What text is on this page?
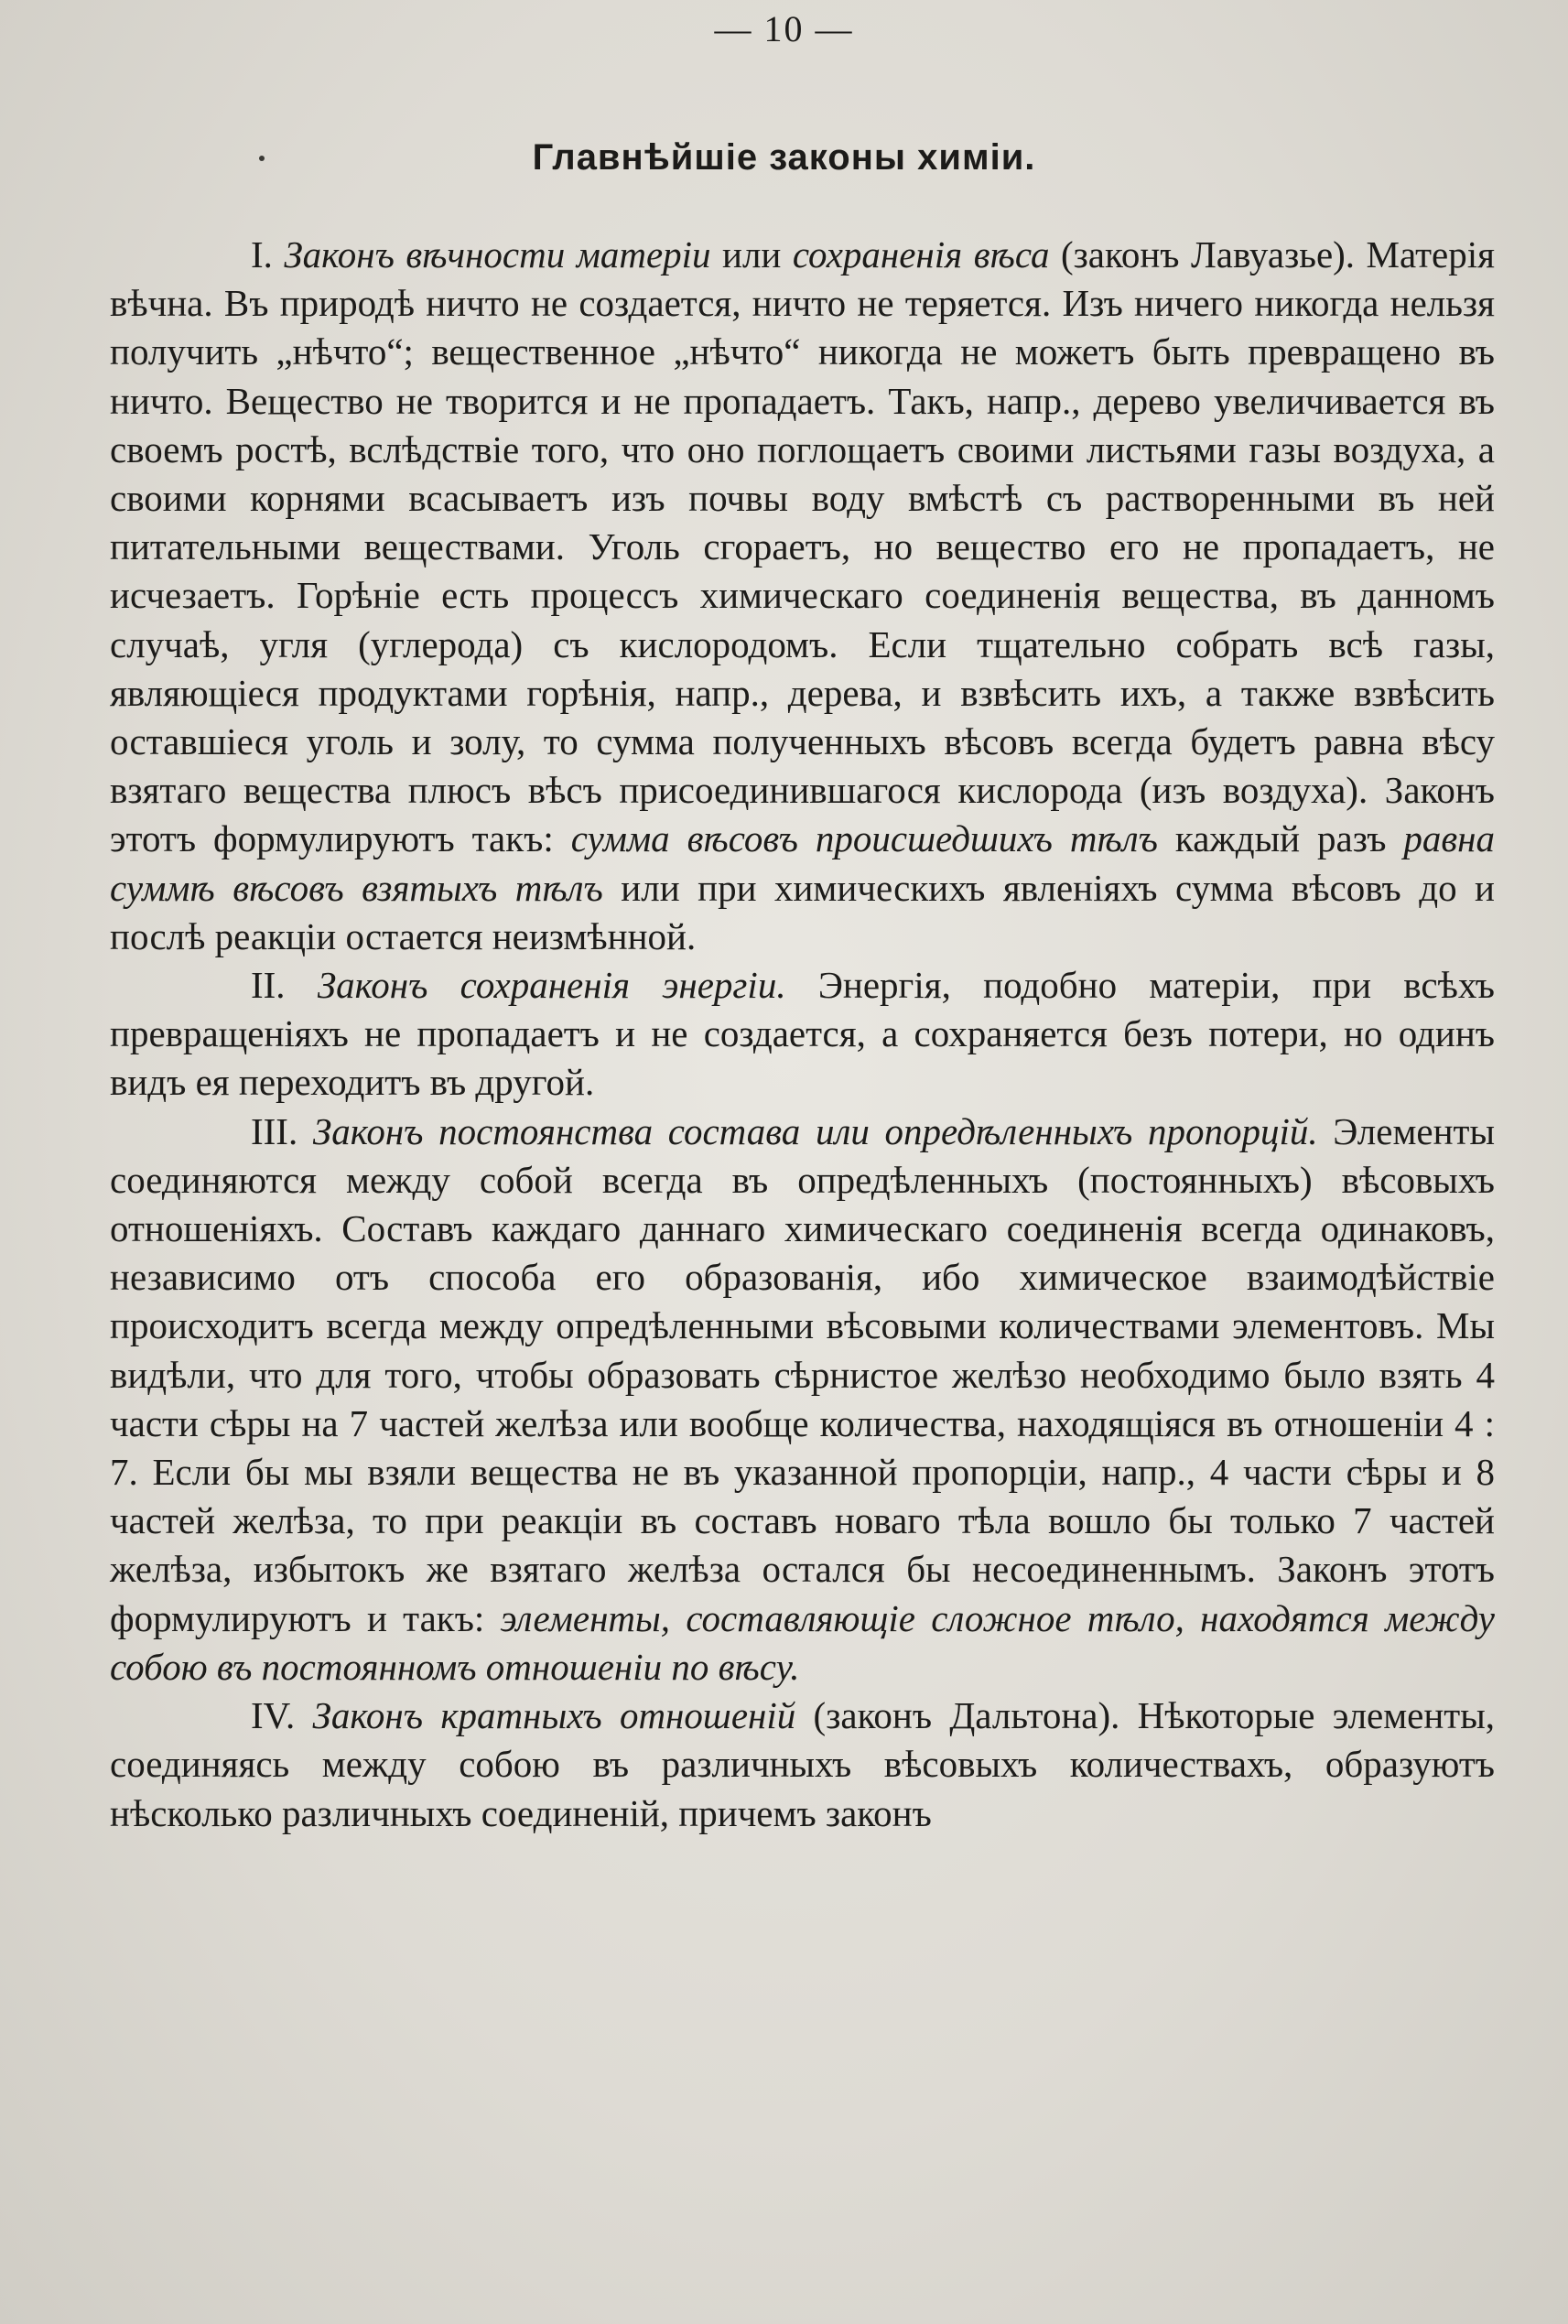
— 10 —
Главнѣйшіе законы химіи.

I. Законъ вѣчности матеріи или сохраненія вѣса (законъ Лавуазье). Матерія вѣчна. Въ природѣ ничто не создается, ничто не теряется. Изъ ничего никогда нельзя получить „нѣчто“; вещественное „нѣчто“ никогда не можетъ быть превращено въ ничто. Вещество не творится и не пропадаетъ. Такъ, напр., дерево увеличивается въ своемъ ростѣ, вслѣдствіе того, что оно поглощаетъ своими листьями газы воздуха, а своими корнями всасываетъ изъ почвы воду вмѣстѣ съ растворенными въ ней питательными веществами. Уголь сгораетъ, но вещество его не пропадаетъ, не исчезаетъ. Горѣніе есть процессъ химическаго соединенія вещества, въ данномъ случаѣ, угля (углерода) съ кислородомъ. Если тщательно собрать всѣ газы, являющіеся продуктами горѣнія, напр., дерева, и взвѣсить ихъ, а также взвѣсить оставшіеся уголь и золу, то сумма полученныхъ вѣсовъ всегда будетъ равна вѣсу взятаго вещества плюсъ вѣсъ присоединившагося кислорода (изъ воздуха). Законъ этотъ формулируютъ такъ: сумма вѣсовъ происшедшихъ тѣлъ каждый разъ равна суммѣ вѣсовъ взятыхъ тѣлъ или при химическихъ явленіяхъ сумма вѣсовъ до и послѣ реакціи остается неизмѣнной.

II. Законъ сохраненія энергіи. Энергія, подобно матеріи, при всѣхъ превращеніяхъ не пропадаетъ и не создается, а сохраняется безъ потери, но одинъ видъ ея переходитъ въ другой.

III. Законъ постоянства состава или опредѣленныхъ пропорцій. Элементы соединяются между собой всегда въ опредѣленныхъ (постоянныхъ) вѣсовыхъ отношеніяхъ. Составъ каждаго даннаго химическаго соединенія всегда одинаковъ, независимо отъ способа его образованія, ибо химическое взаимодѣйствіе происходитъ всегда между опредѣленными вѣсовыми количествами элементовъ. Мы видѣли, что для того, чтобы образовать сѣрнистое желѣзо необходимо было взять 4 части сѣры на 7 частей желѣза или вообще количества, находящіяся въ отношеніи 4 : 7. Если бы мы взяли вещества не въ указанной пропорціи, напр., 4 части сѣры и 8 частей желѣза, то при реакціи въ составъ новаго тѣла вошло бы только 7 частей желѣза, избытокъ же взятаго желѣза остался бы несоединеннымъ. Законъ этотъ формулируютъ и такъ: элементы, составляющіе сложное тѣло, находятся между собою въ постоянномъ отношеніи по вѣсу.

IV. Законъ кратныхъ отношеній (законъ Дальтона). Нѣкоторые элементы, соединяясь между собою въ различныхъ вѣсовыхъ количествахъ, образуютъ нѣсколько различныхъ соединеній, причемъ законъ
